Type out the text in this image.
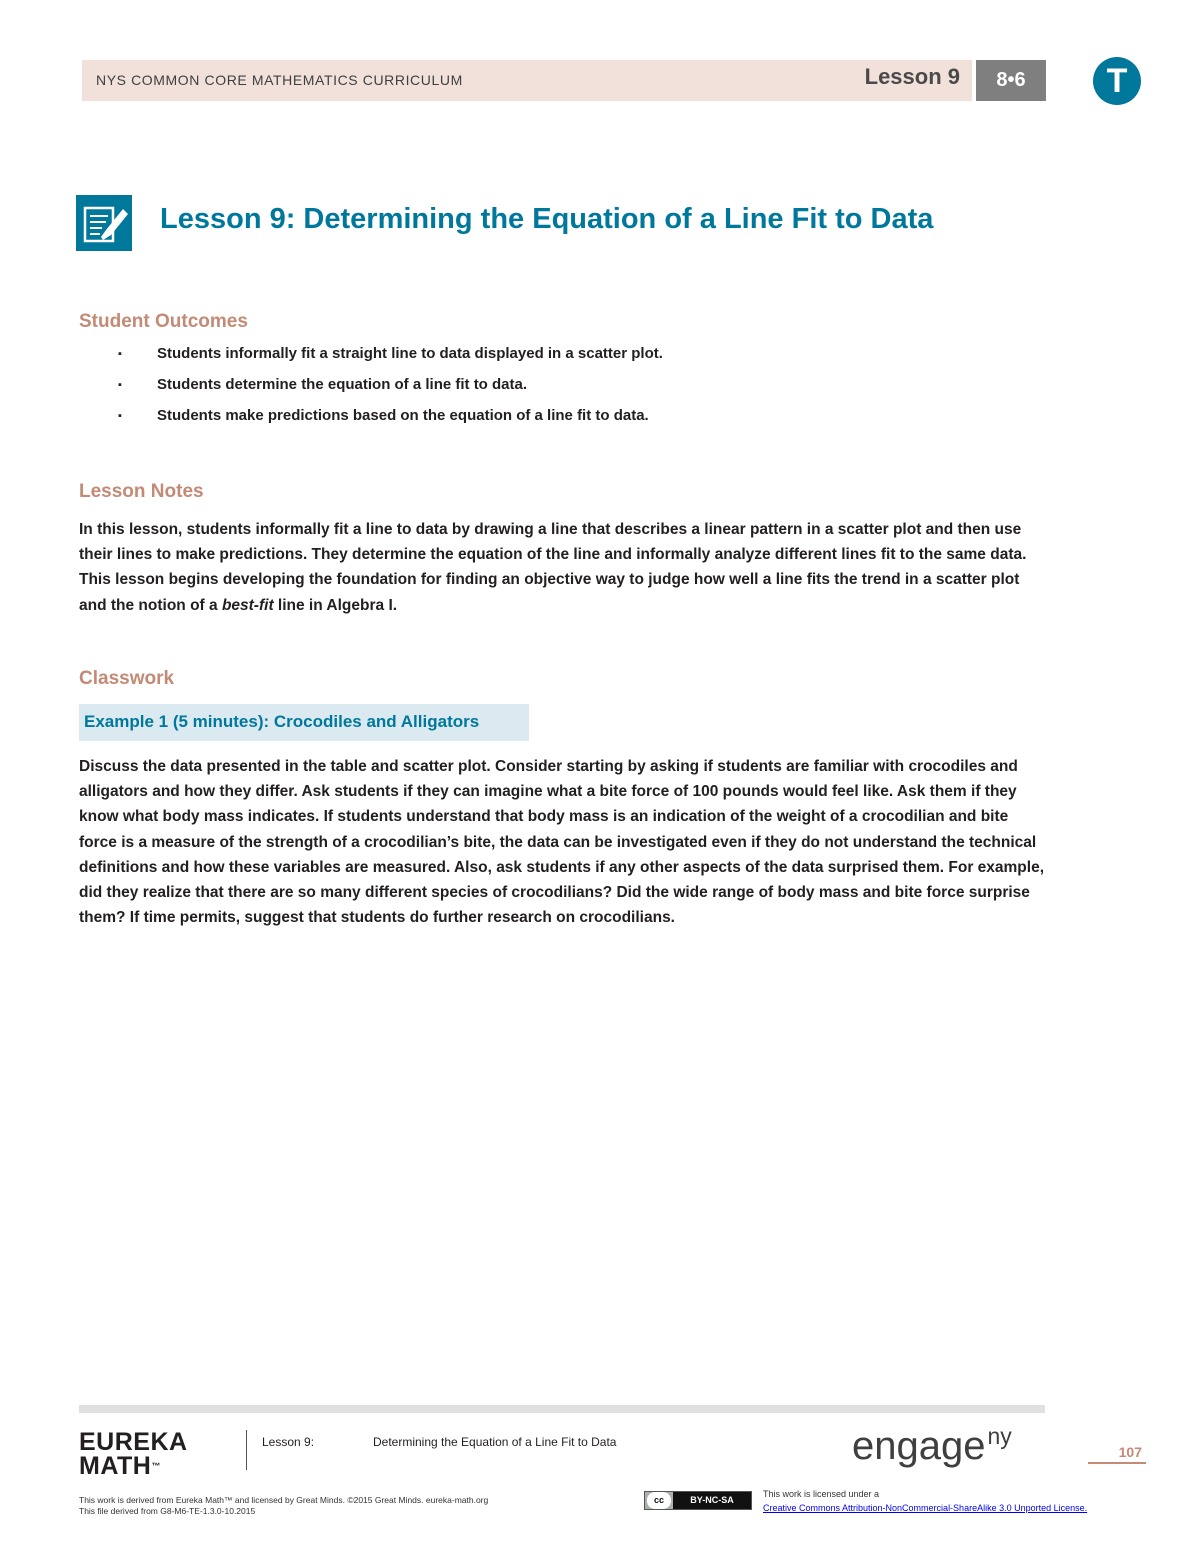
NYS COMMON CORE MATHEMATICS CURRICULUM	Lesson 9	8•6	T
Lesson 9: Determining the Equation of a Line Fit to Data
Student Outcomes
▪ Students informally fit a straight line to data displayed in a scatter plot.
▪ Students determine the equation of a line fit to data.
▪ Students make predictions based on the equation of a line fit to data.
Lesson Notes

In this lesson, students informally fit a line to data by drawing a line that describes a linear pattern in a scatter plot and then use their lines to make predictions. They determine the equation of the line and informally analyze different lines fit to the same data. This lesson begins developing the foundation for finding an objective way to judge how well a line fits the trend in a scatter plot and the notion of a best-fit line in Algebra I.

Classwork
Example 1 (5 minutes): Crocodiles and Alligators

Discuss the data presented in the table and scatter plot. Consider starting by asking if students are familiar with crocodiles and alligators and how they differ. Ask students if they can imagine what a bite force of 100 pounds would feel like. Ask them if they know what body mass indicates. If students understand that body mass is an indication of the weight of a crocodilian and bite force is a measure of the strength of a crocodilian’s bite, the data can be investigated even if they do not understand the technical definitions and how these variables are measured. Also, ask students if any other aspects of the data surprised them. For example, did they realize that there are so many different species of crocodilians? Did the wide range of body mass and bite force surprise them? If time permits, suggest that students do further research on crocodilians.

EUREKA
MATH™
Lesson 9:	Determining the Equation of a Line Fit to Data	engage$^{ny}$
107
This work is derived from Eureka Math™ and licensed by Great Minds. ©2015 Great Minds. eureka-math.org
This file derived from G8-M6-TE-1.3.0-10.2015
cc	BY-NC-SA
This work is licensed under a
Creative Commons Attribution-NonCommercial-ShareAlike 3.0 Unported License.
